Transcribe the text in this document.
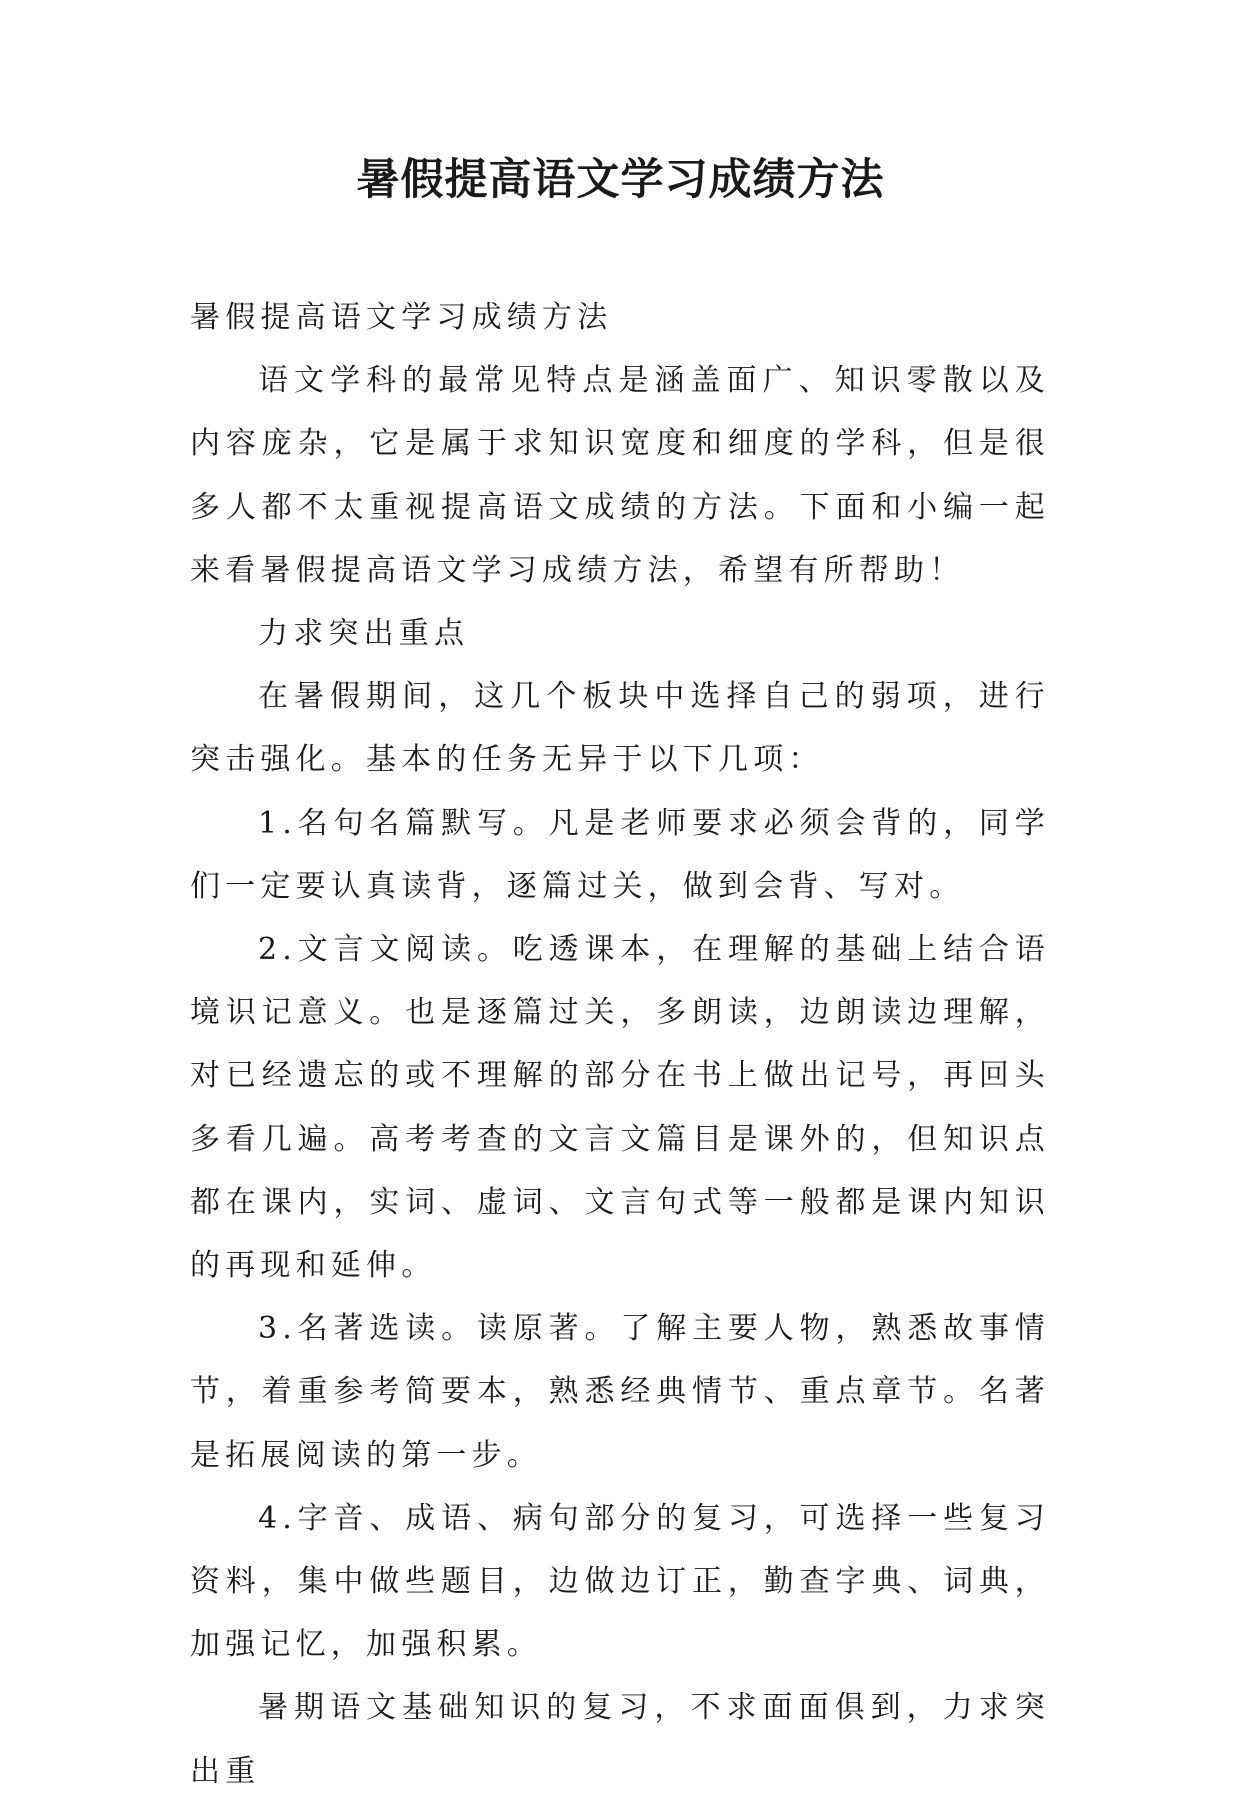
暑假提高语文学习成绩方法

暑假提高语文学习成绩方法

语文学科的最常见特点是涵盖面广、知识零散以及内容庞杂，它是属于求知识宽度和细度的学科，但是很多人都不太重视提高语文成绩的方法。下面和小编一起来看暑假提高语文学习成绩方法，希望有所帮助！

力求突出重点

在暑假期间，这几个板块中选择自己的弱项，进行突击强化。基本的任务无异于以下几项：

1.名句名篇默写。凡是老师要求必须会背的，同学们一定要认真读背，逐篇过关，做到会背、写对。

2.文言文阅读。吃透课本，在理解的基础上结合语境识记意义。也是逐篇过关，多朗读，边朗读边理解，对已经遗忘的或不理解的部分在书上做出记号，再回头多看几遍。高考考查的文言文篇目是课外的，但知识点都在课内，实词、虚词、文言句式等一般都是课内知识的再现和延伸。

3.名著选读。读原著。了解主要人物，熟悉故事情节，着重参考简要本，熟悉经典情节、重点章节。名著是拓展阅读的第一步。

4.字音、成语、病句部分的复习，可选择一些复习资料，集中做些题目，边做边订正，勤查字典、词典，加强记忆，加强积累。

暑期语文基础知识的复习，不求面面俱到，力求突出重
